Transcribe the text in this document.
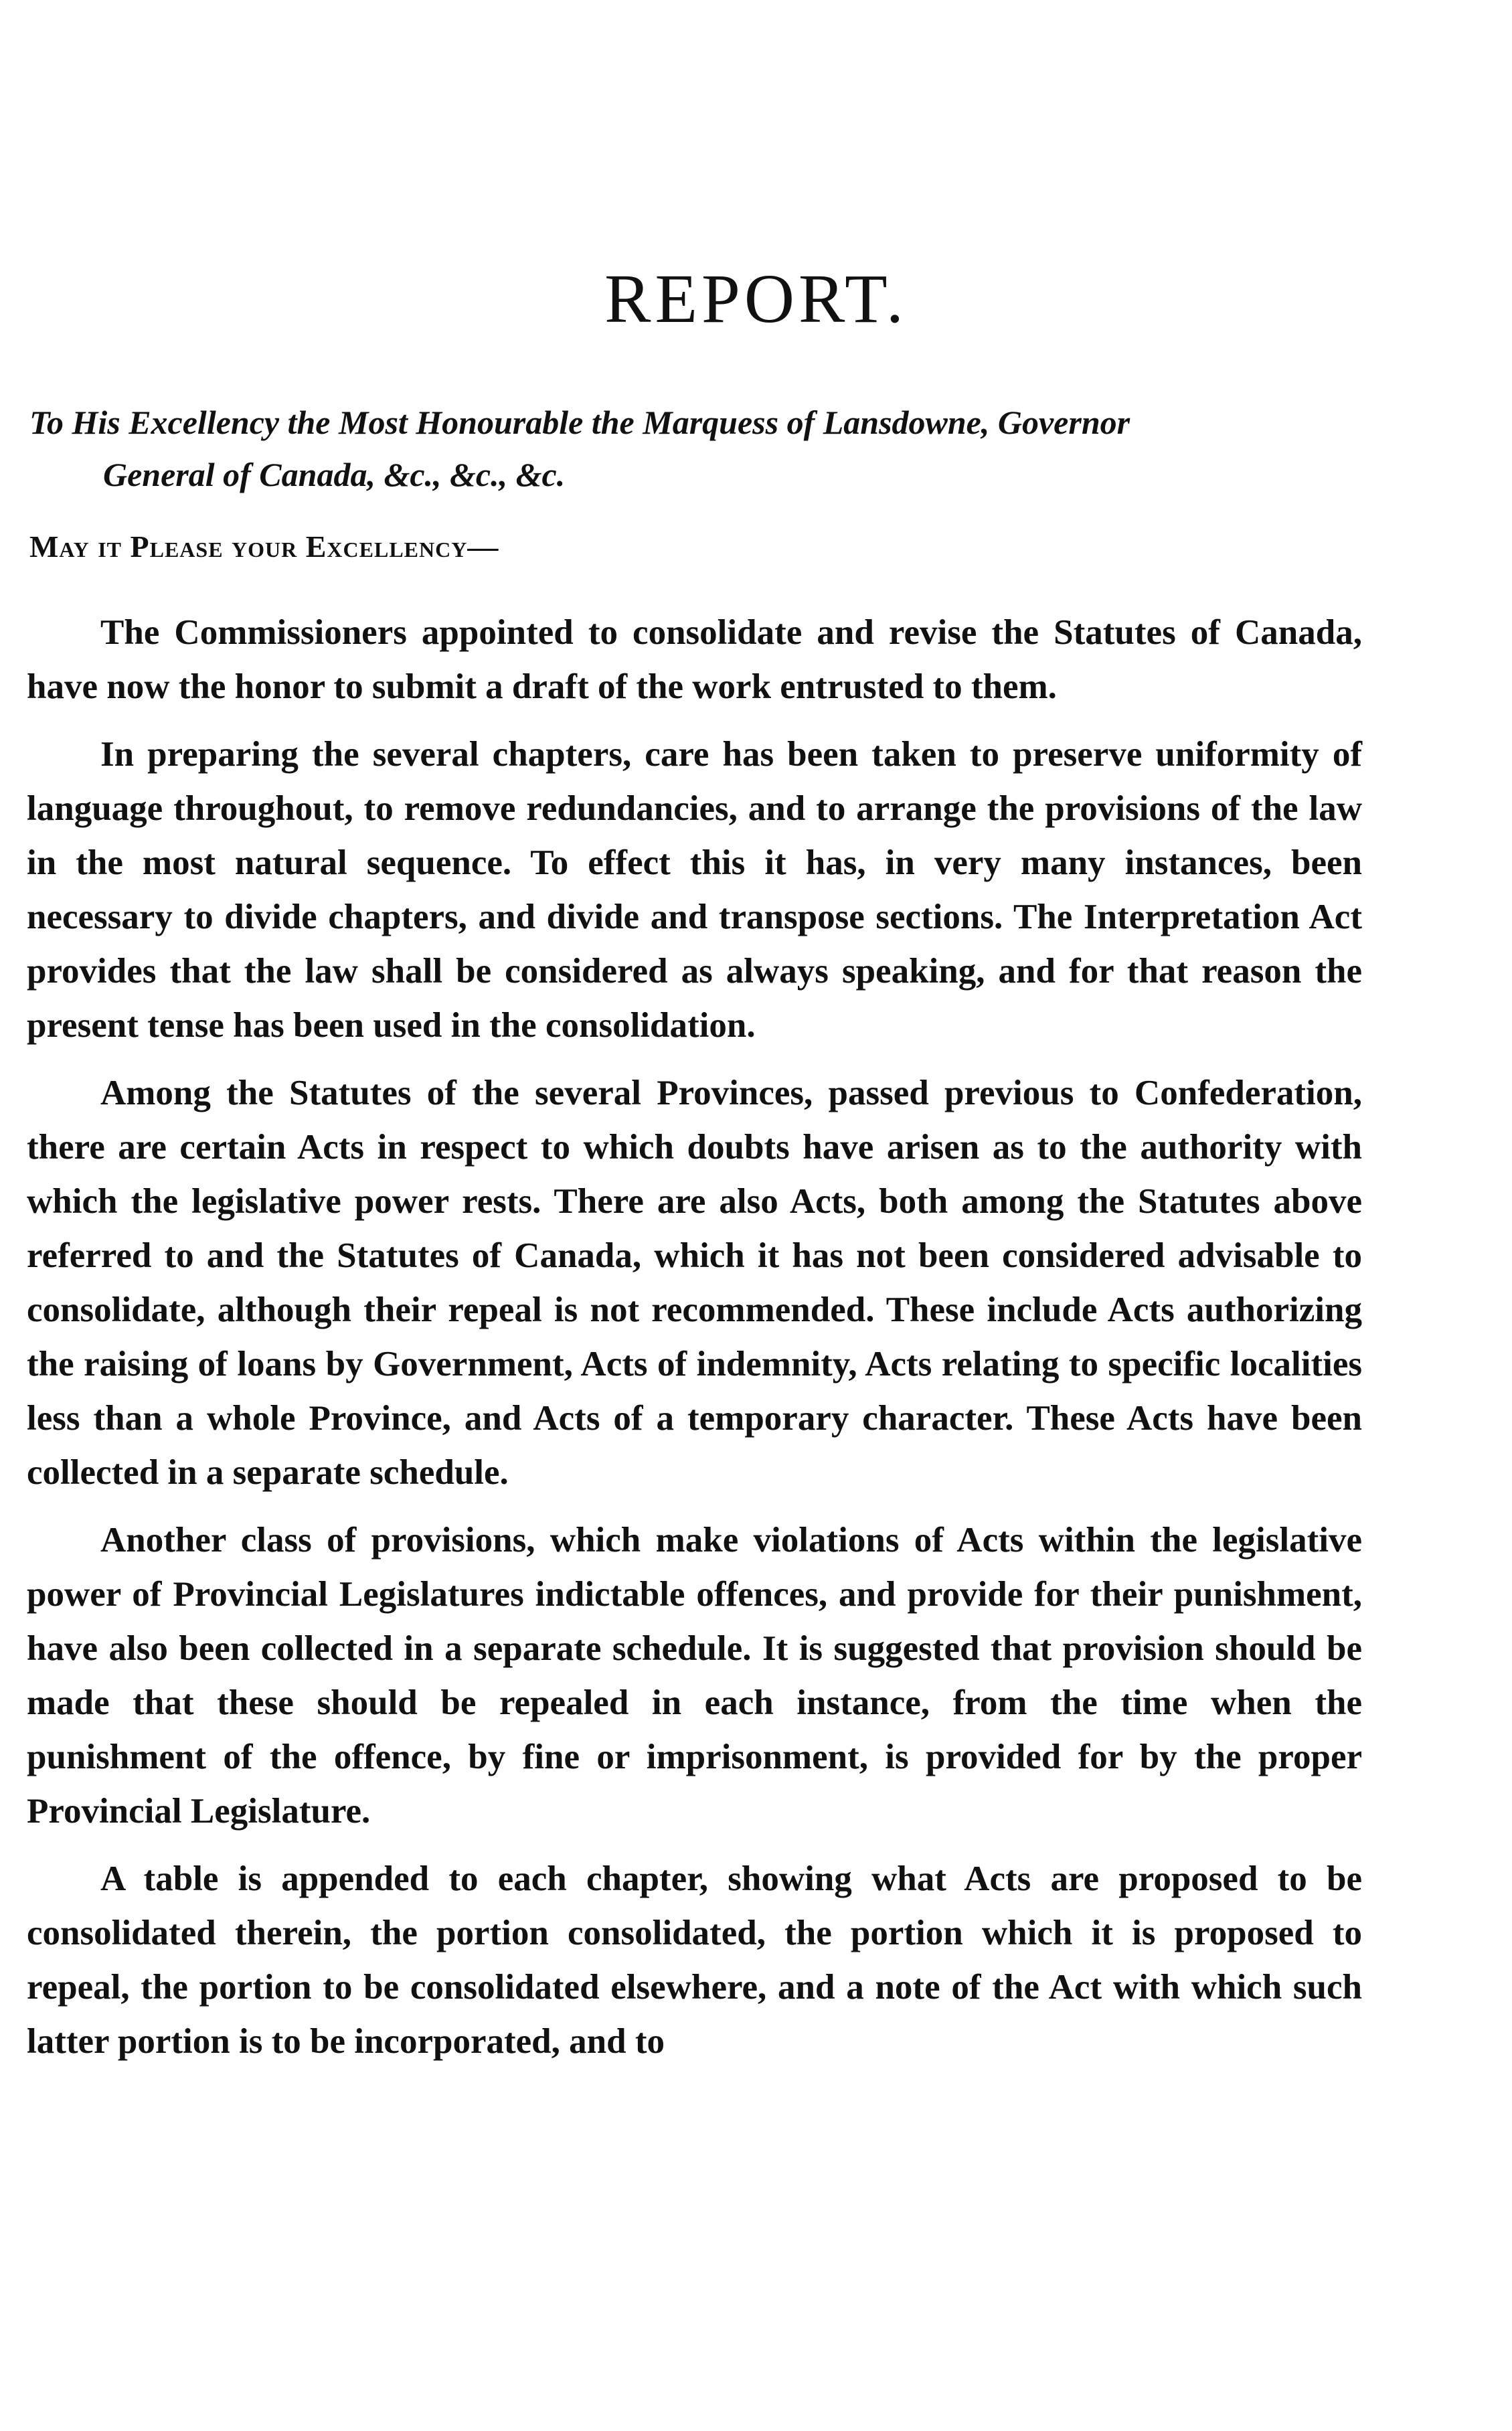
REPORT.
To His Excellency the Most Honourable the Marquess of Lansdowne, Governor
General of Canada, &c., &c., &c.
May it Please your Excellency—

The Commissioners appointed to consolidate and revise the Statutes of Canada, have now the honor to submit a draft of the work entrusted to them.

In preparing the several chapters, care has been taken to preserve uniformity of language throughout, to remove redundancies, and to arrange the provisions of the law in the most natural sequence. To effect this it has, in very many instances, been necessary to divide chapters, and divide and transpose sections. The Interpretation Act provides that the law shall be considered as always speaking, and for that reason the present tense has been used in the consolidation.

Among the Statutes of the several Provinces, passed previous to Confederation, there are certain Acts in respect to which doubts have arisen as to the authority with which the legislative power rests. There are also Acts, both among the Statutes above referred to and the Statutes of Canada, which it has not been considered advisable to consolidate, although their repeal is not recommended. These include Acts authorizing the raising of loans by Government, Acts of indemnity, Acts relating to specific localities less than a whole Province, and Acts of a temporary character. These Acts have been collected in a separate schedule.

Another class of provisions, which make violations of Acts within the legislative power of Provincial Legislatures indictable offences, and provide for their punishment, have also been collected in a separate schedule. It is suggested that provision should be made that these should be repealed in each instance, from the time when the punishment of the offence, by fine or imprisonment, is provided for by the proper Provincial Legislature.

A table is appended to each chapter, showing what Acts are proposed to be consolidated therein, the portion consolidated, the portion which it is proposed to repeal, the portion to be consolidated elsewhere, and a note of the Act with which such latter portion is to be incorporated, and to
